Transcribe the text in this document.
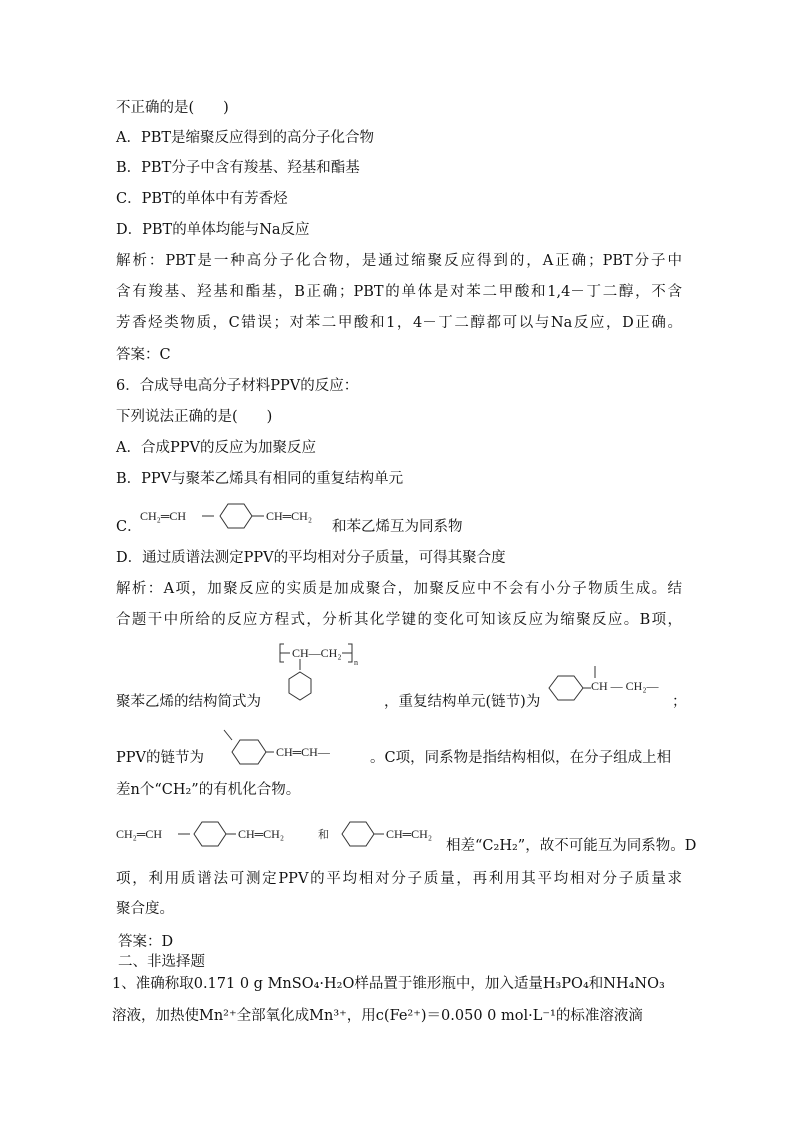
不正确的是(　　)
A．PBT是缩聚反应得到的高分子化合物
B．PBT分子中含有羧基、羟基和酯基
C．PBT的单体中有芳香烃
D．PBT的单体均能与Na反应
解析：PBT是一种高分子化合物，是通过缩聚反应得到的，A正确；PBT分子中
含有羧基、羟基和酯基，B正确；PBT的单体是对苯二甲酸和1,4－丁二醇，不含
芳香烃类物质，C错误；对苯二甲酸和1，4－丁二醇都可以与Na反应，D正确。
答案：C
6．合成导电高分子材料PPV的反应：
下列说法正确的是(　　)
A．合成PPV的反应为加聚反应
B．PPV与聚苯乙烯具有相同的重复结构单元
C．
CH₂═CH	CH═CH₂
和苯乙烯互为同系物
D．通过质谱法测定PPV的平均相对分子质量，可得其聚合度
解析：A项，加聚反应的实质是加成聚合，加聚反应中不会有小分子物质生成。结
合题干中所给的反应方程式，分析其化学键的变化可知该反应为缩聚反应。B项，
聚苯乙烯的结构简式为
CH—CH₂
n
，重复结构单元(链节)为
CH — CH₂—
；
PPV的链节为	CH═CH—	。C项，同系物是指结构相似，在分子组成上相
差n个“CH₂”的有机化合物。
CH₂═CH	CH═CH₂	和	CH═CH₂
相差“C₂H₂”，故不可能互为同系物。D
项，利用质谱法可测定PPV的平均相对分子质量，再利用其平均相对分子质量求
聚合度。
答案：D
二、非选择题
1、准确称取0.171 0 g MnSO₄·H₂O样品置于锥形瓶中，加入适量H₃PO₄和NH₄NO₃
溶液，加热使Mn²⁺全部氧化成Mn³⁺，用c(Fe²⁺)＝0.050 0 mol·L⁻¹的标准溶液滴
